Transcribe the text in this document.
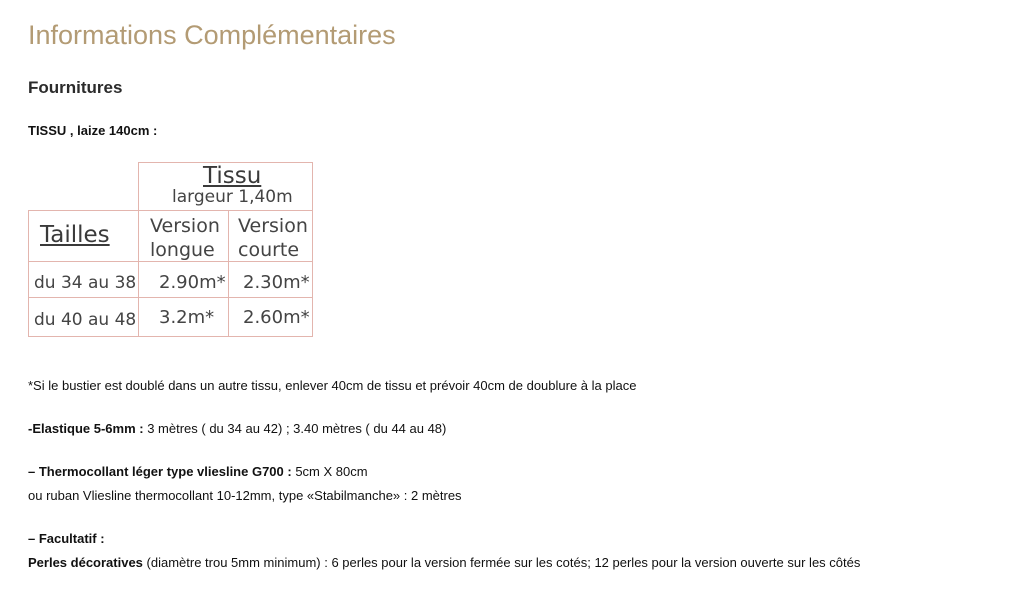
Informations Complémentaires
Fournitures

TISSU , laize 140cm :

Tissu
largeur 1,40m
Tailles Version
longue
Version
courte
du 34 au 38 2.90m* 2.30m*
du 40 au 48 3.2m* 2.60m*

*Si le bustier est doublé dans un autre tissu, enlever 40cm de tissu et prévoir 40cm de doublure à la place

-Elastique 5-6mm : 3 mètres ( du 34 au 42) ; 3.40 mètres ( du 44 au 48)

– Thermocollant léger type vliesline G700 : 5cm X 80cm

ou ruban Vliesline thermocollant 10-12mm, type «Stabilmanche» : 2 mètres

– Facultatif :

Perles décoratives (diamètre trou 5mm minimum) : 6 perles pour la version fermée sur les cotés; 12 perles pour la version ouverte sur les côtés
